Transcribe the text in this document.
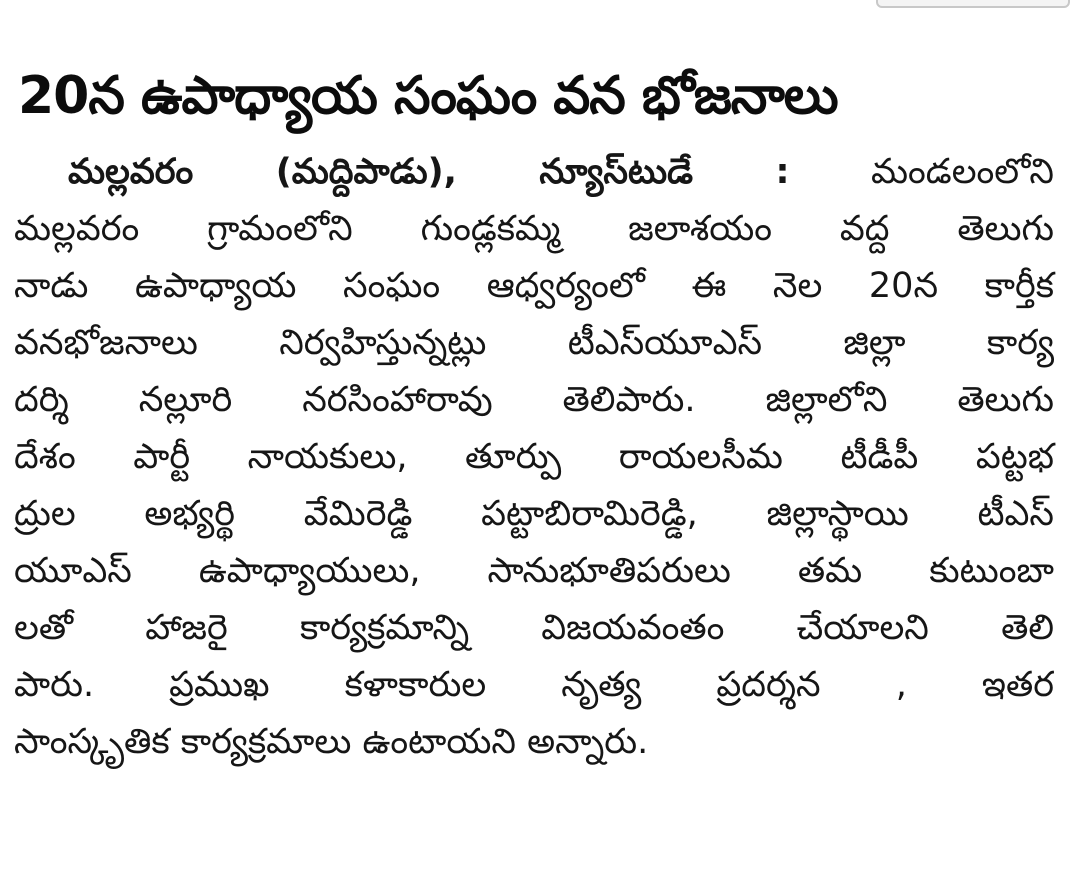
20న ఉపాధ్యాయ సంఘం వన భోజనాలు
మల్లవరం (మద్దిపాడు), న్యూస్‌టుడే : మండలంలోని
మల్లవరం గ్రామంలోని గుండ్లకమ్మ జలాశయం వద్ద తెలుగు
నాడు ఉపాధ్యాయ సంఘం ఆధ్వర్యంలో ఈ నెల 20న కార్తీక
వనభోజనాలు నిర్వహిస్తున్నట్లు టీఎస్‌యూఎస్ జిల్లా కార్య
దర్శి నల్లూరి నరసింహారావు తెలిపారు. జిల్లాలోని తెలుగు
దేశం పార్టీ నాయకులు, తూర్పు రాయలసీమ టీడీపీ పట్టభ
ద్రుల అభ్యర్థి వేమిరెడ్డి పట్టాబిరామిరెడ్డి, జిల్లాస్థాయి టీఎస్
యూఎస్ ఉపాధ్యాయులు, సానుభూతిపరులు తమ కుటుంబా
లతో హాజరై కార్యక్రమాన్ని విజయవంతం చేయాలని తెలి
పారు. ప్రముఖ కళాకారుల నృత్య ప్రదర్శన , ఇతర
సాంస్కృతిక కార్యక్రమాలు ఉంటాయని అన్నారు.
